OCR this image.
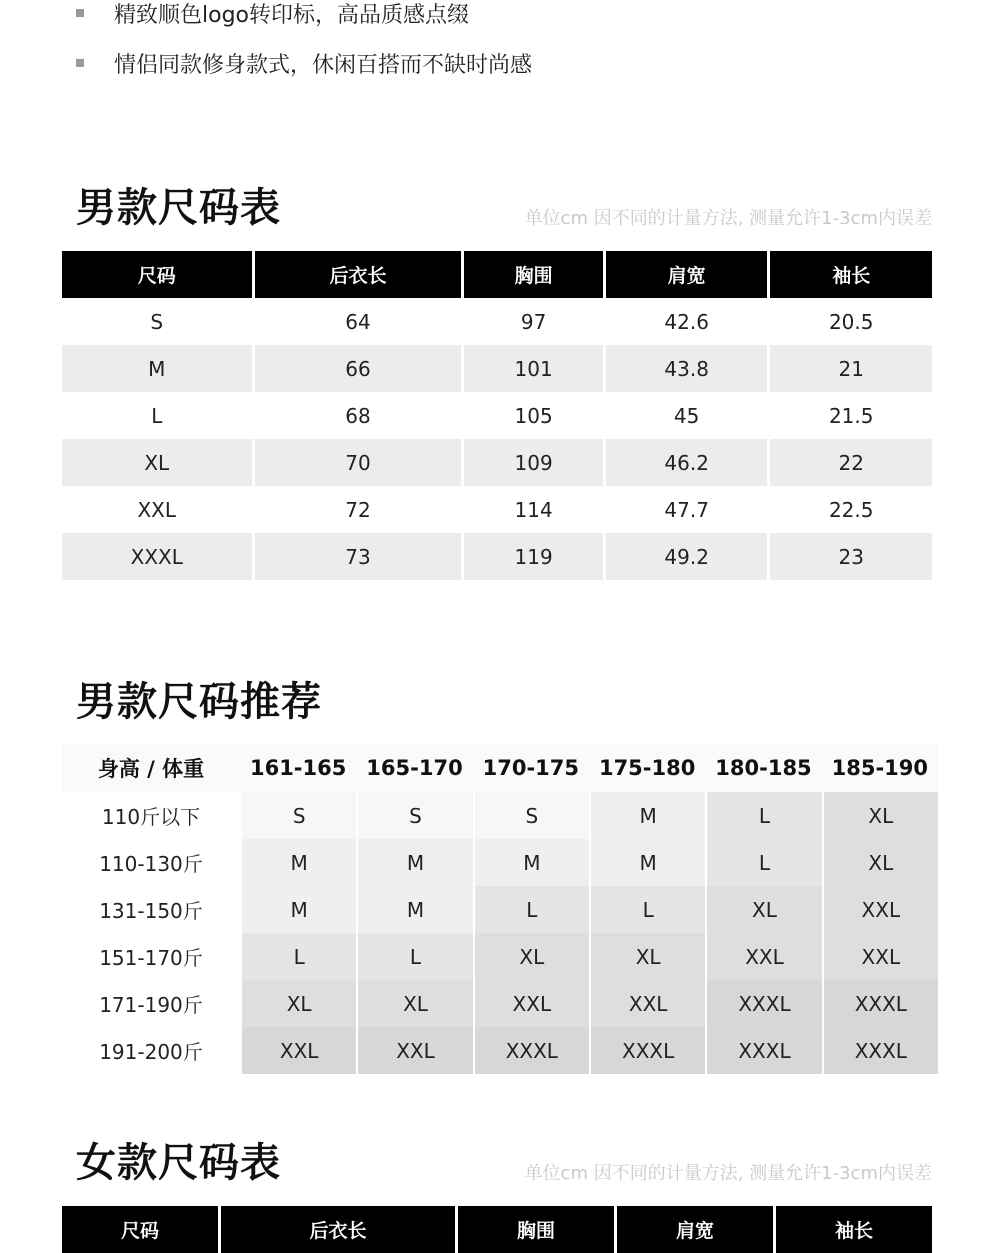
精致顺色logo转印标，高品质感点缀
情侣同款修身款式，休闲百搭而不缺时尚感
男款尺码表	单位cm 因不同的计量方法, 测量允许1-3cm内误差
尺码	后衣长	胸围	肩宽	袖长
S	64	97	42.6	20.5
M	66	101	43.8	21
L	68	105	45	21.5
XL	70	109	46.2	22
XXL	72	114	47.7	22.5
XXXL	73	119	49.2	23
男款尺码推荐
身高 / 体重	161-165	165-170	170-175	175-180	180-185	185-190
110斤以下	S	S	S	M	L	XL
110-130斤	M	M	M	M	L	XL
131-150斤	M	M	L	L	XL	XXL
151-170斤	L	L	XL	XL	XXL	XXL
171-190斤	XL	XL	XXL	XXL	XXXL	XXXL
191-200斤	XXL	XXL	XXXL	XXXL	XXXL	XXXL
女款尺码表	单位cm 因不同的计量方法, 测量允许1-3cm内误差
尺码	后衣长	胸围	肩宽	袖长
